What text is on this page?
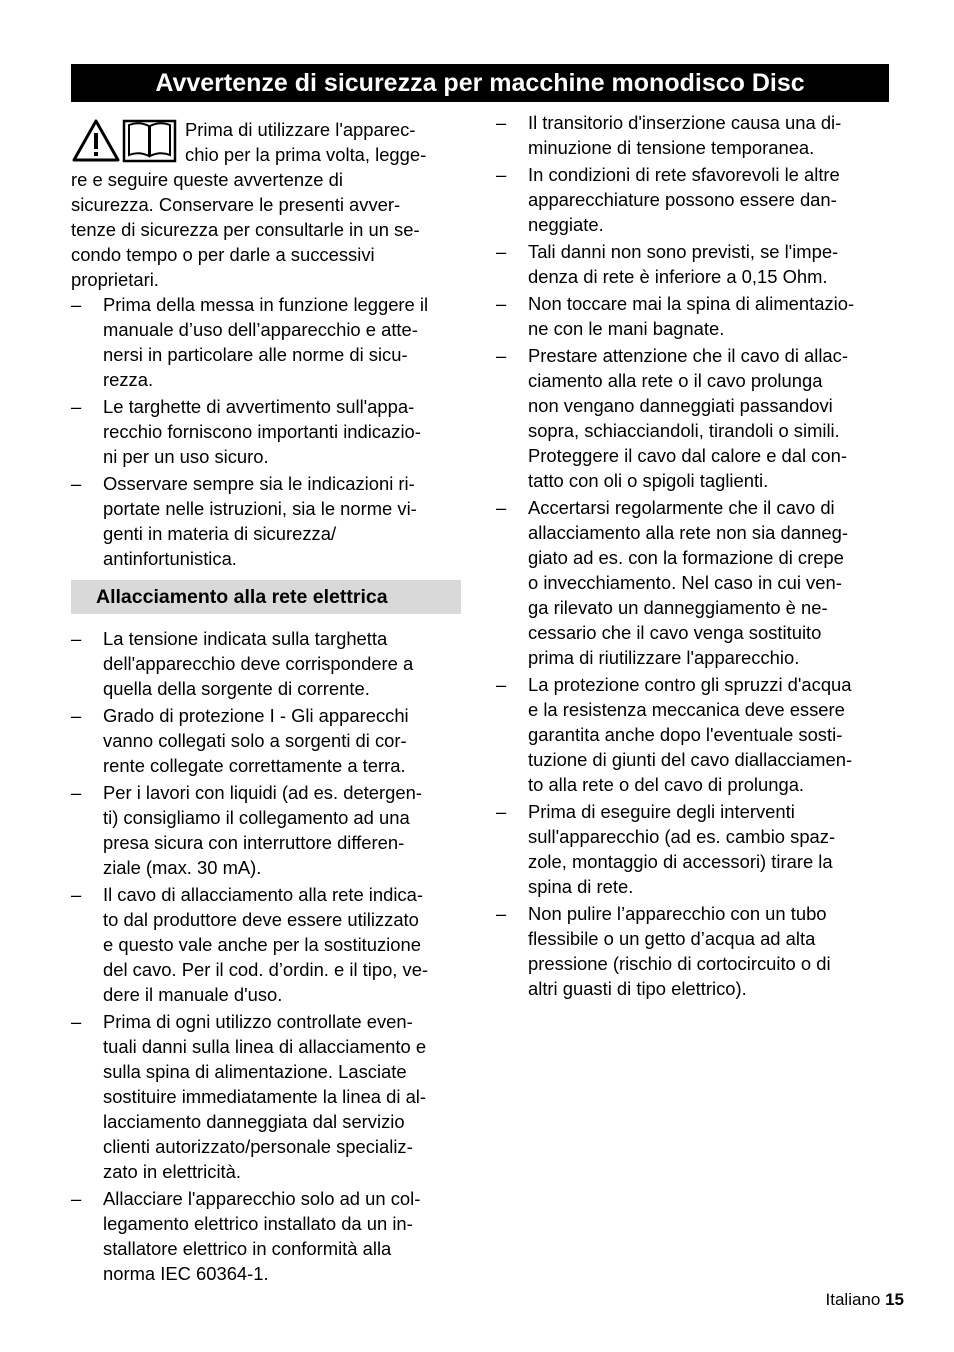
Avvertenze di sicurezza per macchine monodisco Disc
Prima di utilizzare l'apparec-
chio per la prima volta, legge-
re e seguire queste avvertenze di
sicurezza. Conservare le presenti avver-
tenze di sicurezza per consultarle in un se-
condo tempo o per darle a successivi
proprietari.
–	Prima della messa in funzione leggere il
manuale d’uso dell’apparecchio e atte-
nersi in particolare alle norme di sicu-
rezza.
–	Le targhette di avvertimento sull'appa-
recchio forniscono importanti indicazio-
ni per un uso sicuro.
–	Osservare sempre sia le indicazioni ri-
portate nelle istruzioni, sia le norme vi-
genti in materia di sicurezza/
antinfortunistica.
Allacciamento alla rete elettrica
–	La tensione indicata sulla targhetta
dell'apparecchio deve corrispondere a
quella della sorgente di corrente.
–	Grado di protezione I - Gli apparecchi
vanno collegati solo a sorgenti di cor-
rente collegate correttamente a terra.
–	Per i lavori con liquidi (ad es. detergen-
ti) consigliamo il collegamento ad una
presa sicura con interruttore differen-
ziale (max. 30 mA).
–	Il cavo di allacciamento alla rete indica-
to dal produttore deve essere utilizzato
e questo vale anche per la sostituzione
del cavo. Per il cod. d’ordin. e il tipo, ve-
dere il manuale d'uso.
–	Prima di ogni utilizzo controllate even-
tuali danni sulla linea di allacciamento e
sulla spina di alimentazione. Lasciate
sostituire immediatamente la linea di al-
lacciamento danneggiata dal servizio
clienti autorizzato/personale specializ-
zato in elettricità.
–	Allacciare l'apparecchio solo ad un col-
legamento elettrico installato da un in-
stallatore elettrico in conformità alla
norma IEC 60364-1.
–	Il transitorio d'inserzione causa una di-
minuzione di tensione temporanea.
–	In condizioni di rete sfavorevoli le altre
apparecchiature possono essere dan-
neggiate.
–	Tali danni non sono previsti, se l'impe-
denza di rete è inferiore a 0,15 Ohm.
–	Non toccare mai la spina di alimentazio-
ne con le mani bagnate.
–	Prestare attenzione che il cavo di allac-
ciamento alla rete o il cavo prolunga
non vengano danneggiati passandovi
sopra, schiacciandoli, tirandoli o simili.
Proteggere il cavo dal calore e dal con-
tatto con oli o spigoli taglienti.
–	Accertarsi regolarmente che il cavo di
allacciamento alla rete non sia danneg-
giato ad es. con la formazione di crepe
o invecchiamento. Nel caso in cui ven-
ga rilevato un danneggiamento è ne-
cessario che il cavo venga sostituito
prima di riutilizzare l'apparecchio.
–	La protezione contro gli spruzzi d'acqua
e la resistenza meccanica deve essere
garantita anche dopo l'eventuale sosti-
tuzione di giunti del cavo diallacciamen-
to alla rete o del cavo di prolunga.
–	Prima di eseguire degli interventi
sull'apparecchio (ad es. cambio spaz-
zole, montaggio di accessori) tirare la
spina di rete.
–	Non pulire l’apparecchio con un tubo
flessibile o un getto d’acqua ad alta
pressione (rischio di cortocircuito o di
altri guasti di tipo elettrico).
Italiano 15
